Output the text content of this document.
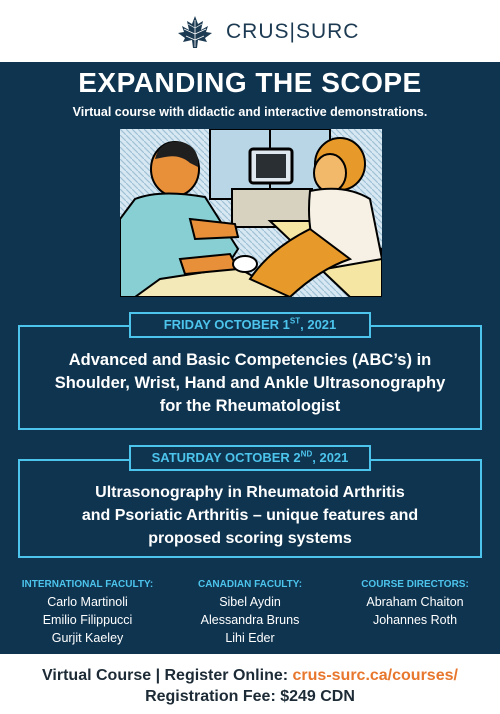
CRUS|SURC
EXPANDING THE SCOPE
Virtual course with didactic and interactive demonstrations.
Advanced and Basic Competencies (ABC’s) in
Shoulder, Wrist, Hand and Ankle Ultrasonography
for the Rheumatologist
FRIDAY OCTOBER 1ST, 2021
Ultrasonography in Rheumatoid Arthritis
and Psoriatic Arthritis – unique features and
proposed scoring systems
SATURDAY OCTOBER 2ND, 2021
INTERNATIONAL FACULTY:
Carlo Martinoli
Emilio Filippucci
Gurjit Kaeley
CANADIAN FACULTY:
Sibel Aydin
Alessandra Bruns
Lihi Eder
COURSE DIRECTORS:
Abraham Chaiton
Johannes Roth
Virtual Course | Register Online: crus-surc.ca/courses/
Registration Fee: $249 CDN
